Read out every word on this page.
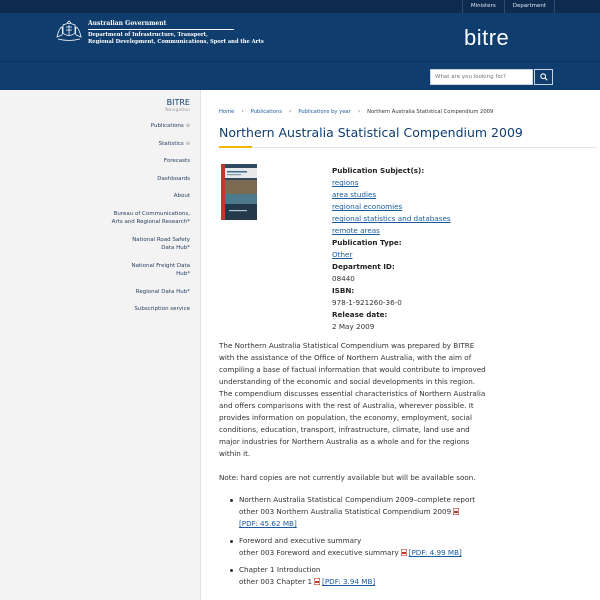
Ministers	Department
Australian Government
Department of Infrastructure, Transport,
Regional Development, Communications, Sport and the Arts	bitre
What are you looking for?
BITRE
Navigation
Publications ⊕
Statistics ⊕
Forecasts
Dashboards
About
Bureau of Communications, Arts and Regional Research*
National Road Safety Data Hub*
National Freight Data Hub*
Regional Data Hub*
Subscription service
Home › Publications › Publications by year › Northern Australia Statistical Compendium 2009
Northern Australia Statistical Compendium 2009
Publication Subject(s):
regions
area studies
regional economies
regional statistics and databases
remote areas
Publication Type:
Other
Department ID:
08440
ISBN:
978-1-921260-36-0
Release date:
2 May 2009

The Northern Australia Statistical Compendium was prepared by BITRE with the assistance of the Office of Northern Australia, with the aim of compiling a base of factual information that would contribute to improved understanding of the economic and social developments in this region. The compendium discusses essential characteristics of Northern Australia and offers comparisons with the rest of Australia, wherever possible. It provides information on population, the economy, employment, social conditions, education, transport, infrastructure, climate, land use and major industries for Northern Australia as a whole and for the regions within it.

Note: hard copies are not currently available but will be available soon.

Northern Australia Statistical Compendium 2009–complete report
other 003 Northern Australia Statistical Compendium 2009
[PDF: 45.62 MB]
Foreword and executive summary
other 003 Foreword and executive summary [PDF: 4.99 MB]
Chapter 1 Introduction
other 003 Chapter 1 [PDF: 3.94 MB]
